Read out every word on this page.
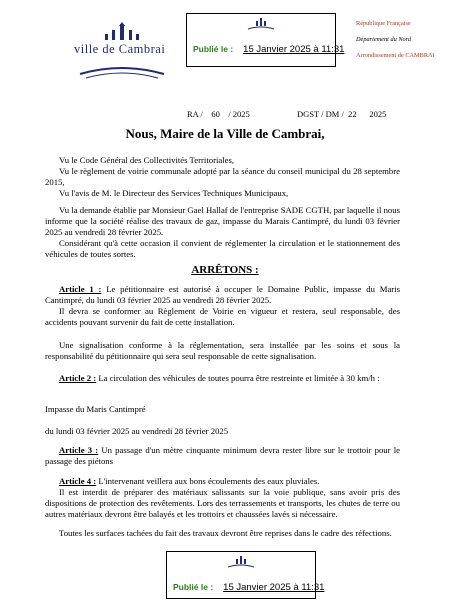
ville de Cambrai	Publié le : 15 Janvier 2025 à 11:31
République Française
Département du Nord
Arrondissement de CAMBRAI
RA /    60    / 2025	DGST / DM /  22      2025
Nous, Maire de la Ville de Cambrai,
Vu le Code Général des Collectivités Territoriales,
Vu le règlement de voirie communale adopté par la séance du conseil municipal du 28 septembre 2015,
Vu l'avis de M. le Directeur des Services Techniques Municipaux,
Vu la demande établie par Monsieur Gael Hallaf de l'entreprise SADE CGTH, par laquelle il nous informe que la société réalise des travaux de gaz, impasse du Marais Cantimpré, du lundi 03 février 2025 au vendredi 28 février 2025.
Considérant qu'à cette occasion il convient de réglementer la circulation et le stationnement des véhicules de toutes sortes.
ARRÊTONS :
Article 1 : Le pétitionnaire est autorisé à occuper le Domaine Public, impasse du Maris Cantimpré, du lundi 03 février 2025 au vendredi 28 février 2025.
Il devra se conformer au Règlement de Voirie en vigueur et restera, seul responsable, des accidents pouvant survenir du fait de cette installation.
Une signalisation conforme à la réglementation, sera installée par les soins et sous la responsabilité du pétitionnaire qui sera seul responsable de cette signalisation.
Article 2 : La circulation des véhicules de toutes pourra être restreinte et limitée à 30 km/h :
Impasse du Maris Cantimpré
du lundi 03 février 2025 au vendredi 28 février 2025
Article 3 : Un passage d'un mètre cinquante minimum devra rester libre sur le trottoir pour le passage des piétons
Article 4 : L'intervenant veillera aux bons écoulements des eaux pluviales.
Il est interdit de préparer des matériaux salissants sur la voie publique, sans avoir pris des dispositions de protection des revêtements. Lors des terrassements et transports, les chutes de terre ou autres matériaux devront être balayés et les trottoirs et chaussées lavés si nécessaire.
Toutes les surfaces tachées du fait des travaux devront être reprises dans le cadre des réfections.
Publié le : 15 Janvier 2025 à 11:31
